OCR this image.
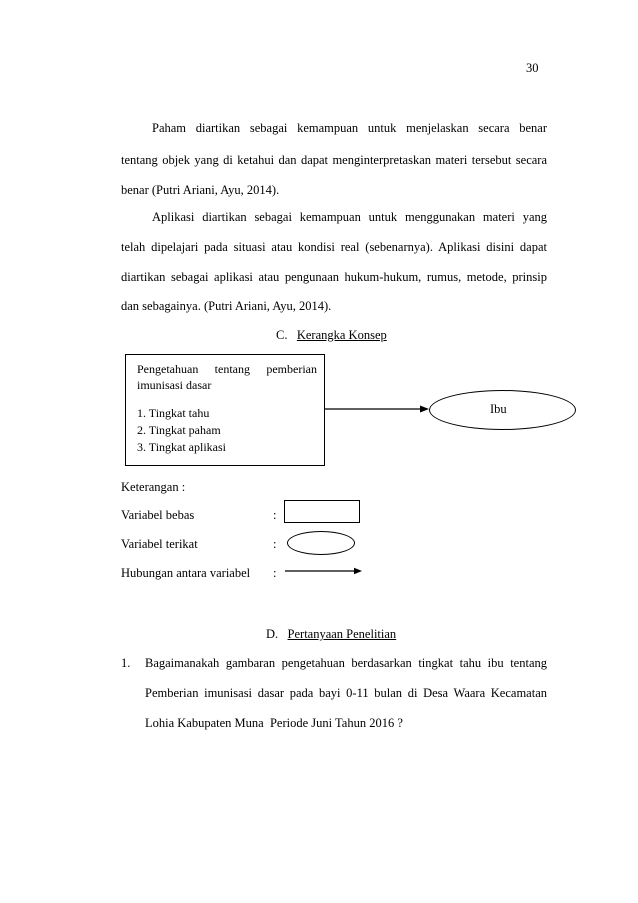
30
Paham diartikan sebagai kemampuan untuk menjelaskan secara benar
tentang objek yang di ketahui dan dapat menginterpretaskan materi tersebut secara
benar (Putri Ariani, Ayu, 2014).
Aplikasi diartikan sebagai kemampuan untuk menggunakan materi yang
telah dipelajari pada situasi atau kondisi real (sebenarnya). Aplikasi disini dapat
diartikan sebagai aplikasi atau pengunaan hukum-hukum, rumus, metode, prinsip
dan sebagainya. (Putri Ariani, Ayu, 2014).
C. Kerangka Konsep
Pengetahuan tentang pemberian
imunisasi dasar
1. Tingkat tahu
2. Tingkat paham
3. Tingkat aplikasi
Ibu
Keterangan :
Variabel bebas	:
Variabel terikat	:
Hubungan antara variabel :
D. Pertanyaan Penelitian
1. Bagaimanakah gambaran pengetahuan berdasarkan tingkat tahu ibu tentang
Pemberian imunisasi dasar pada bayi 0-11 bulan di Desa Waara Kecamatan
Lohia Kabupaten Muna  Periode Juni Tahun 2016 ?
